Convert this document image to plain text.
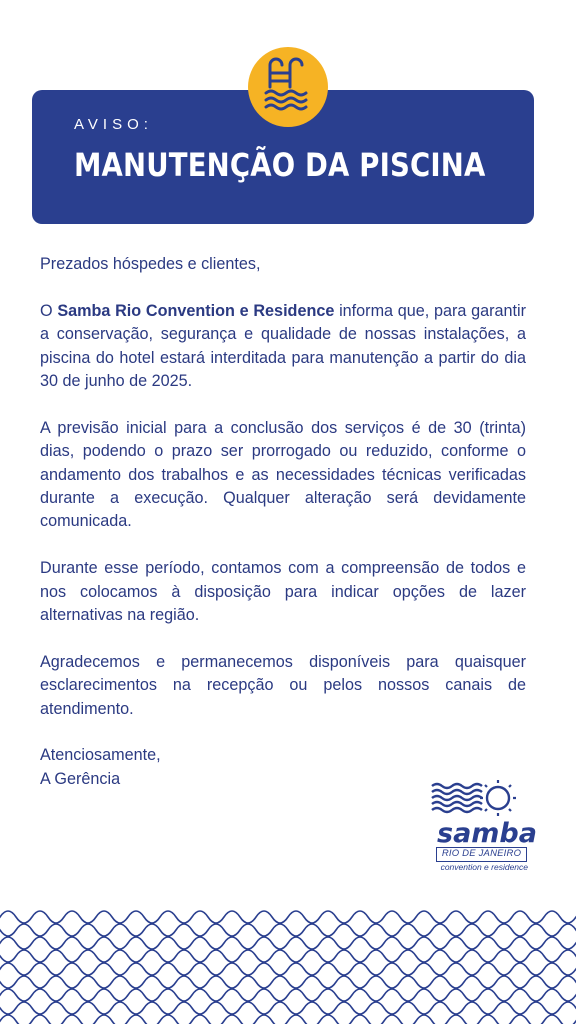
AVISO:
MANUTENÇÃO DA PISCINA

Prezados hóspedes e clientes,

O Samba Rio Convention e Residence informa que, para garantir a conservação, segurança e qualidade de nossas instalações, a piscina do hotel estará interditada para manutenção a partir do dia 30 de junho de 2025.

A previsão inicial para a conclusão dos serviços é de 30 (trinta) dias, podendo o prazo ser prorrogado ou reduzido, conforme o andamento dos trabalhos e as necessidades técnicas verificadas durante a execução. Qualquer alteração será devidamente comunicada.

Durante esse período, contamos com a compreensão de todos e nos colocamos à disposição para indicar opções de lazer alternativas na região.

Agradecemos e permanecemos disponíveis para quaisquer esclarecimentos na recepção ou pelos nossos canais de atendimento.

Atenciosamente,

A Gerência

samba
RIO DE JANEIRO
convention e residence
